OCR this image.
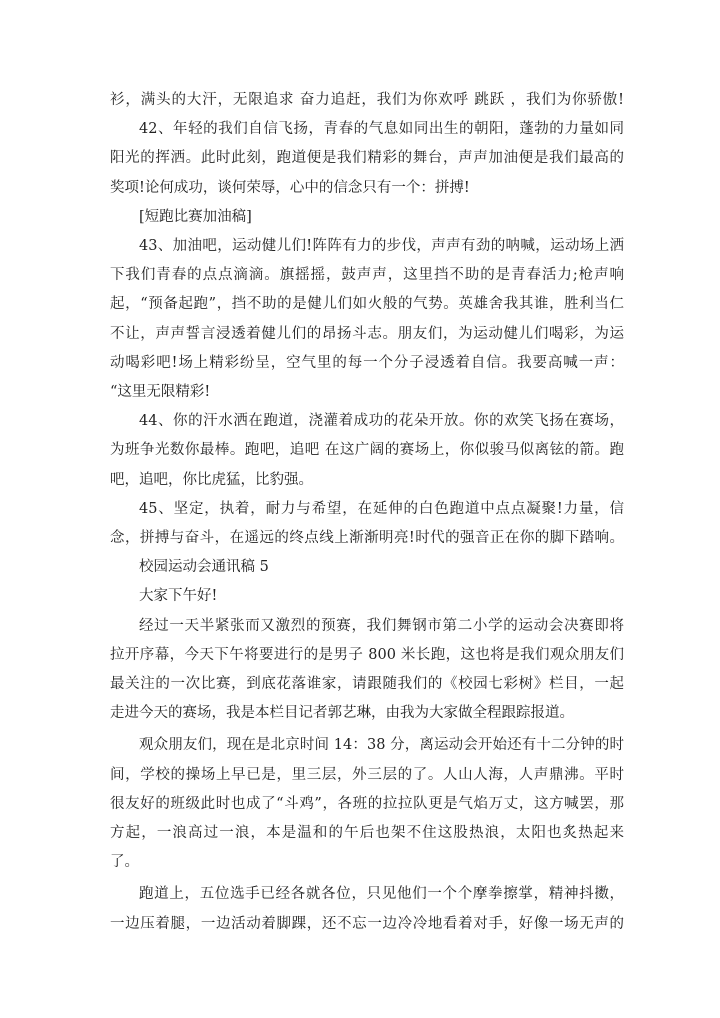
衫，满头的大汗，无限追求 奋力追赶，我们为你欢呼 跳跃 ，我们为你骄傲!
42、年轻的我们自信飞扬，青春的气息如同出生的朝阳，蓬勃的力量如同
阳光的挥洒。此时此刻，跑道便是我们精彩的舞台，声声加油便是我们最高的
奖项!论何成功，谈何荣辱，心中的信念只有一个：拼搏!
[短跑比赛加油稿]
43、加油吧，运动健儿们!阵阵有力的步伐，声声有劲的呐喊，运动场上洒
下我们青春的点点滴滴。旗摇摇，鼓声声，这里挡不助的是青春活力;枪声响
起，“预备起跑”，挡不助的是健儿们如火般的气势。英雄舍我其谁，胜利当仁
不让，声声誓言浸透着健儿们的昂扬斗志。朋友们，为运动健儿们喝彩，为运
动喝彩吧!场上精彩纷呈，空气里的每一个分子浸透着自信。我要高喊一声：
“这里无限精彩!
44、你的汗水洒在跑道，浇灌着成功的花朵开放。你的欢笑飞扬在赛场，
为班争光数你最棒。跑吧，追吧 在这广阔的赛场上，你似骏马似离铉的箭。跑
吧，追吧，你比虎猛，比豹强。
45、坚定，执着，耐力与希望，在延伸的白色跑道中点点凝聚!力量，信
念，拼搏与奋斗，在遥远的终点线上渐渐明亮!时代的强音正在你的脚下踏响。
校园运动会通讯稿 5
大家下午好!
经过一天半紧张而又激烈的预赛，我们舞钢市第二小学的运动会决赛即将
拉开序幕，今天下午将要进行的是男子 800 米长跑，这也将是我们观众朋友们
最关注的一次比赛，到底花落谁家，请跟随我们的《校园七彩树》栏目，一起
走进今天的赛场，我是本栏目记者郭艺琳，由我为大家做全程跟踪报道。
观众朋友们，现在是北京时间 14：38 分，离运动会开始还有十二分钟的时
间，学校的操场上早已是，里三层，外三层的了。人山人海，人声鼎沸。平时
很友好的班级此时也成了“斗鸡”，各班的拉拉队更是气焰万丈，这方喊罢，那
方起，一浪高过一浪，本是温和的午后也架不住这股热浪，太阳也炙热起来
了。
跑道上，五位选手已经各就各位，只见他们一个个摩拳擦掌，精神抖擞，
一边压着腿，一边活动着脚踝，还不忘一边冷冷地看着对手，好像一场无声的
